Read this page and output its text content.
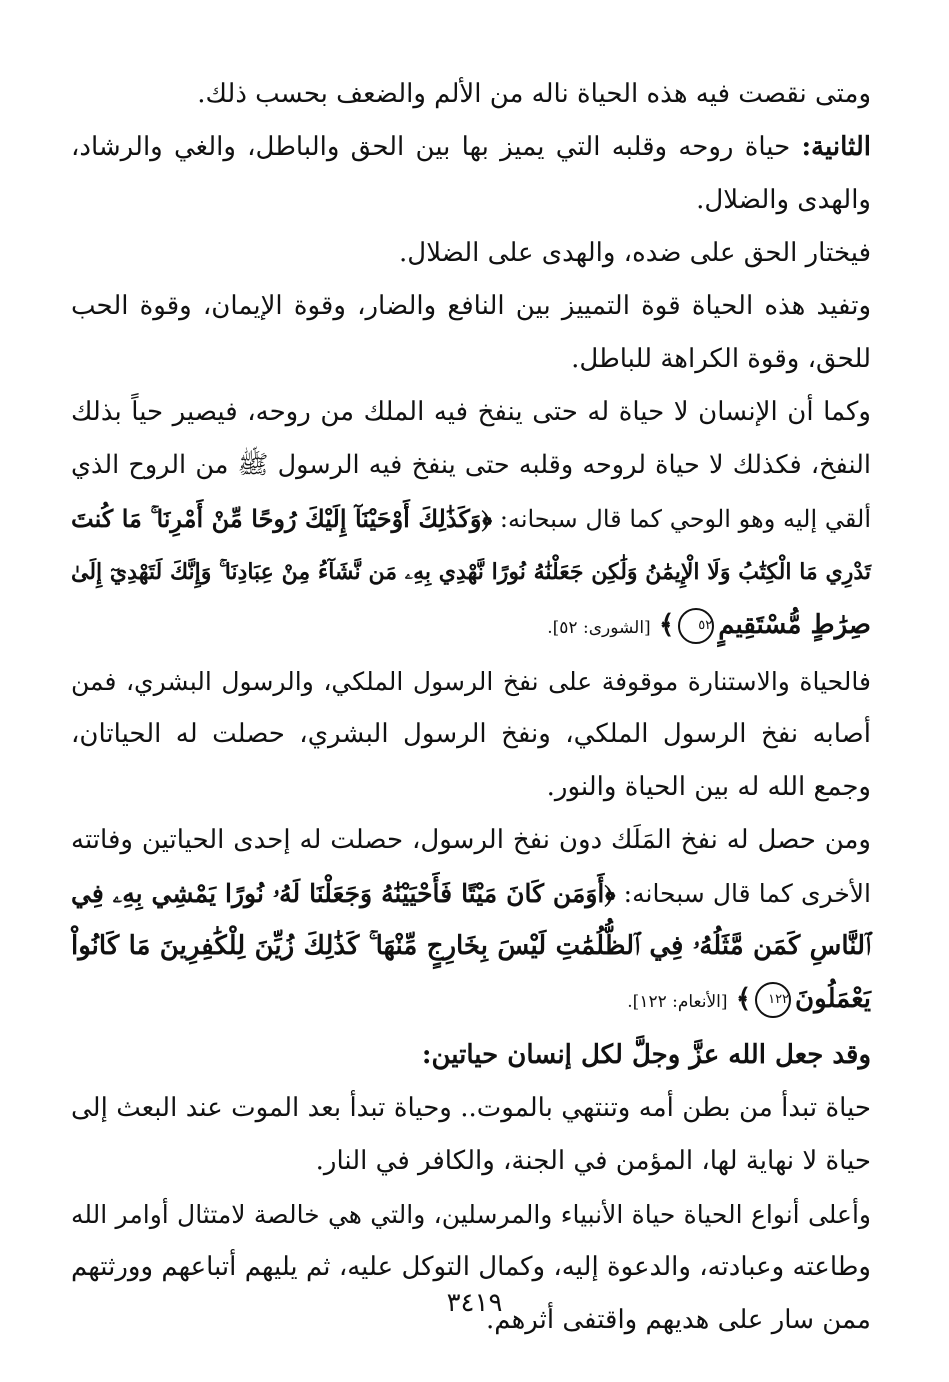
ومتى نقصت فيه هذه الحياة ناله من الألم والضعف بحسب ذلك.
الثانية: حياة روحه وقلبه التي يميز بها بين الحق والباطل، والغي والرشاد،
والهدى والضلال.
فيختار الحق على ضده، والهدى على الضلال.
وتفيد هذه الحياة قوة التمييز بين النافع والضار، وقوة الإيمان، وقوة الحب
للحق، وقوة الكراهة للباطل.
وكما أن الإنسان لا حياة له حتى ينفخ فيه الملك من روحه، فيصير حياً بذلك
النفخ، فكذلك لا حياة لروحه وقلبه حتى ينفخ فيه الرسول ﷺ من الروح الذي
ألقي إليه وهو الوحي كما قال سبحانه: ﴿وَكَذَٰلِكَ أَوْحَيْنَآ إِلَيْكَ رُوحًا مِّنْ أَمْرِنَا ۚ مَا كُنتَ
تَدْرِي مَا الْكِتَٰبُ وَلَا الْإِيمَٰنُ وَلَٰكِن جَعَلْنَٰهُ نُورًا نَّهْدِي بِهِۦ مَن نَّشَآءُ مِنْ عِبَادِنَا ۚ وَإِنَّكَ لَتَهْدِيٓ إِلَىٰ
صِرَٰطٍ مُّسْتَقِيمٍ٥٢﴾ [الشورى: ٥٢].
فالحياة والاستنارة موقوفة على نفخ الرسول الملكي، والرسول البشري، فمن
أصابه نفخ الرسول الملكي، ونفخ الرسول البشري، حصلت له الحياتان،
وجمع الله له بين الحياة والنور.
ومن حصل له نفخ المَلَك دون نفخ الرسول، حصلت له إحدى الحياتين وفاتته
الأخرى كما قال سبحانه: ﴿أَوَمَن كَانَ مَيْتًا فَأَحْيَيْنَٰهُ وَجَعَلْنَا لَهُۥ نُورًا يَمْشِي بِهِۦ فِي
ٱلنَّاسِ كَمَن مَّثَلُهُۥ فِي ٱلظُّلُمَٰتِ لَيْسَ بِخَارِجٍ مِّنْهَا ۚ كَذَٰلِكَ زُيِّنَ لِلْكَٰفِرِينَ مَا كَانُواْ
يَعْمَلُونَ١٢٢﴾ [الأنعام: ١٢٢].
وقد جعل الله عزَّ وجلَّ لكل إنسان حياتين:
حياة تبدأ من بطن أمه وتنتهي بالموت.. وحياة تبدأ بعد الموت عند البعث إلى
حياة لا نهاية لها، المؤمن في الجنة، والكافر في النار.
وأعلى أنواع الحياة حياة الأنبياء والمرسلين، والتي هي خالصة لامتثال أوامر الله
وطاعته وعبادته، والدعوة إليه، وكمال التوكل عليه، ثم يليهم أتباعهم وورثتهم
ممن سار على هديهم واقتفى أثرهم.
٣٤١٩
